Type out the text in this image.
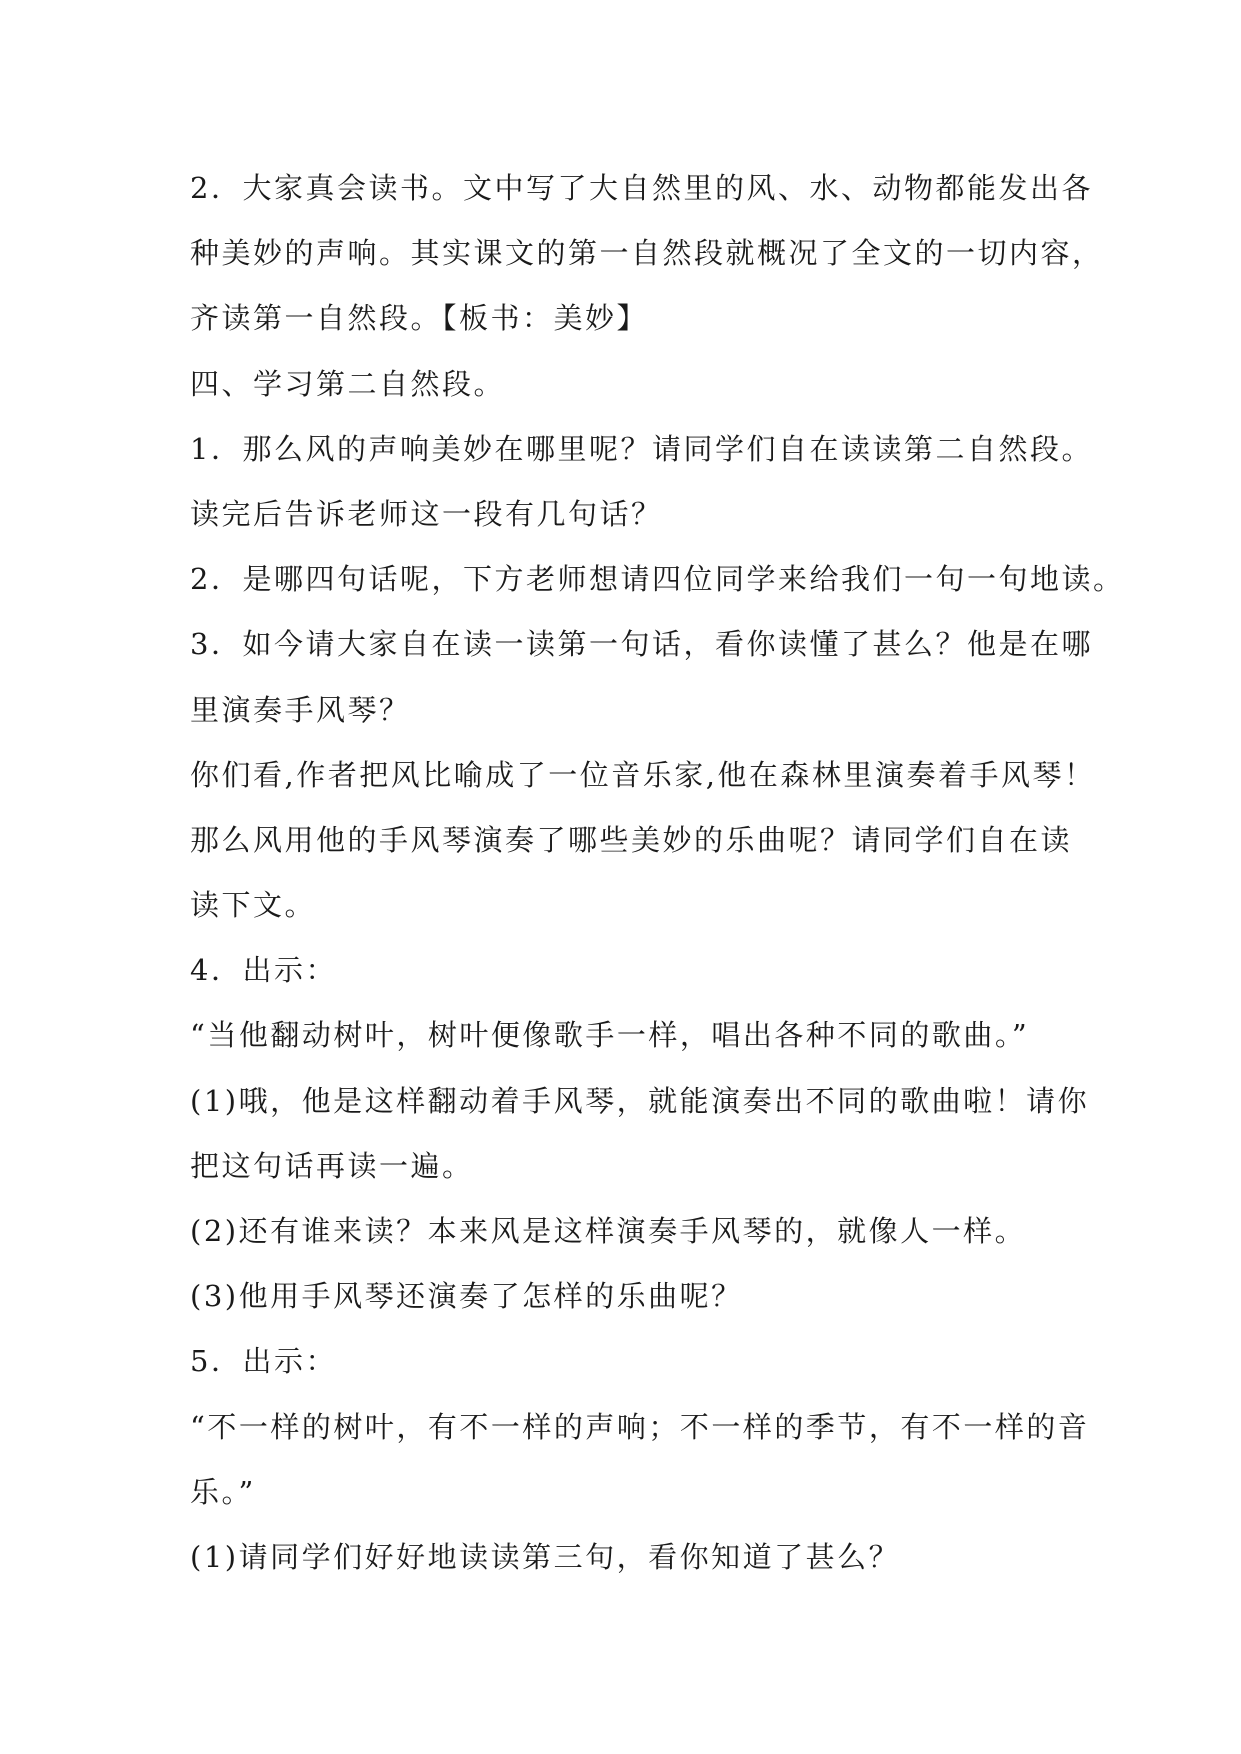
2．大家真会读书。文中写了大自然里的风、水、动物都能发出各
种美妙的声响。其实课文的第一自然段就概况了全文的一切内容，
齐读第一自然段。【板书：美妙】
四、学习第二自然段。
1．那么风的声响美妙在哪里呢？请同学们自在读读第二自然段。
读完后告诉老师这一段有几句话？
2．是哪四句话呢，下方老师想请四位同学来给我们一句一句地读。
3．如今请大家自在读一读第一句话，看你读懂了甚么？他是在哪
里演奏手风琴？
你们看,作者把风比喻成了一位音乐家,他在森林里演奏着手风琴！
那么风用他的手风琴演奏了哪些美妙的乐曲呢？请同学们自在读
读下文。
4．出示：
“当他翻动树叶，树叶便像歌手一样，唱出各种不同的歌曲。”
(1)哦，他是这样翻动着手风琴，就能演奏出不同的歌曲啦！请你
把这句话再读一遍。
(2)还有谁来读？本来风是这样演奏手风琴的，就像人一样。
(3)他用手风琴还演奏了怎样的乐曲呢？
5．出示：
“不一样的树叶，有不一样的声响；不一样的季节，有不一样的音
乐。”
(1)请同学们好好地读读第三句，看你知道了甚么？
